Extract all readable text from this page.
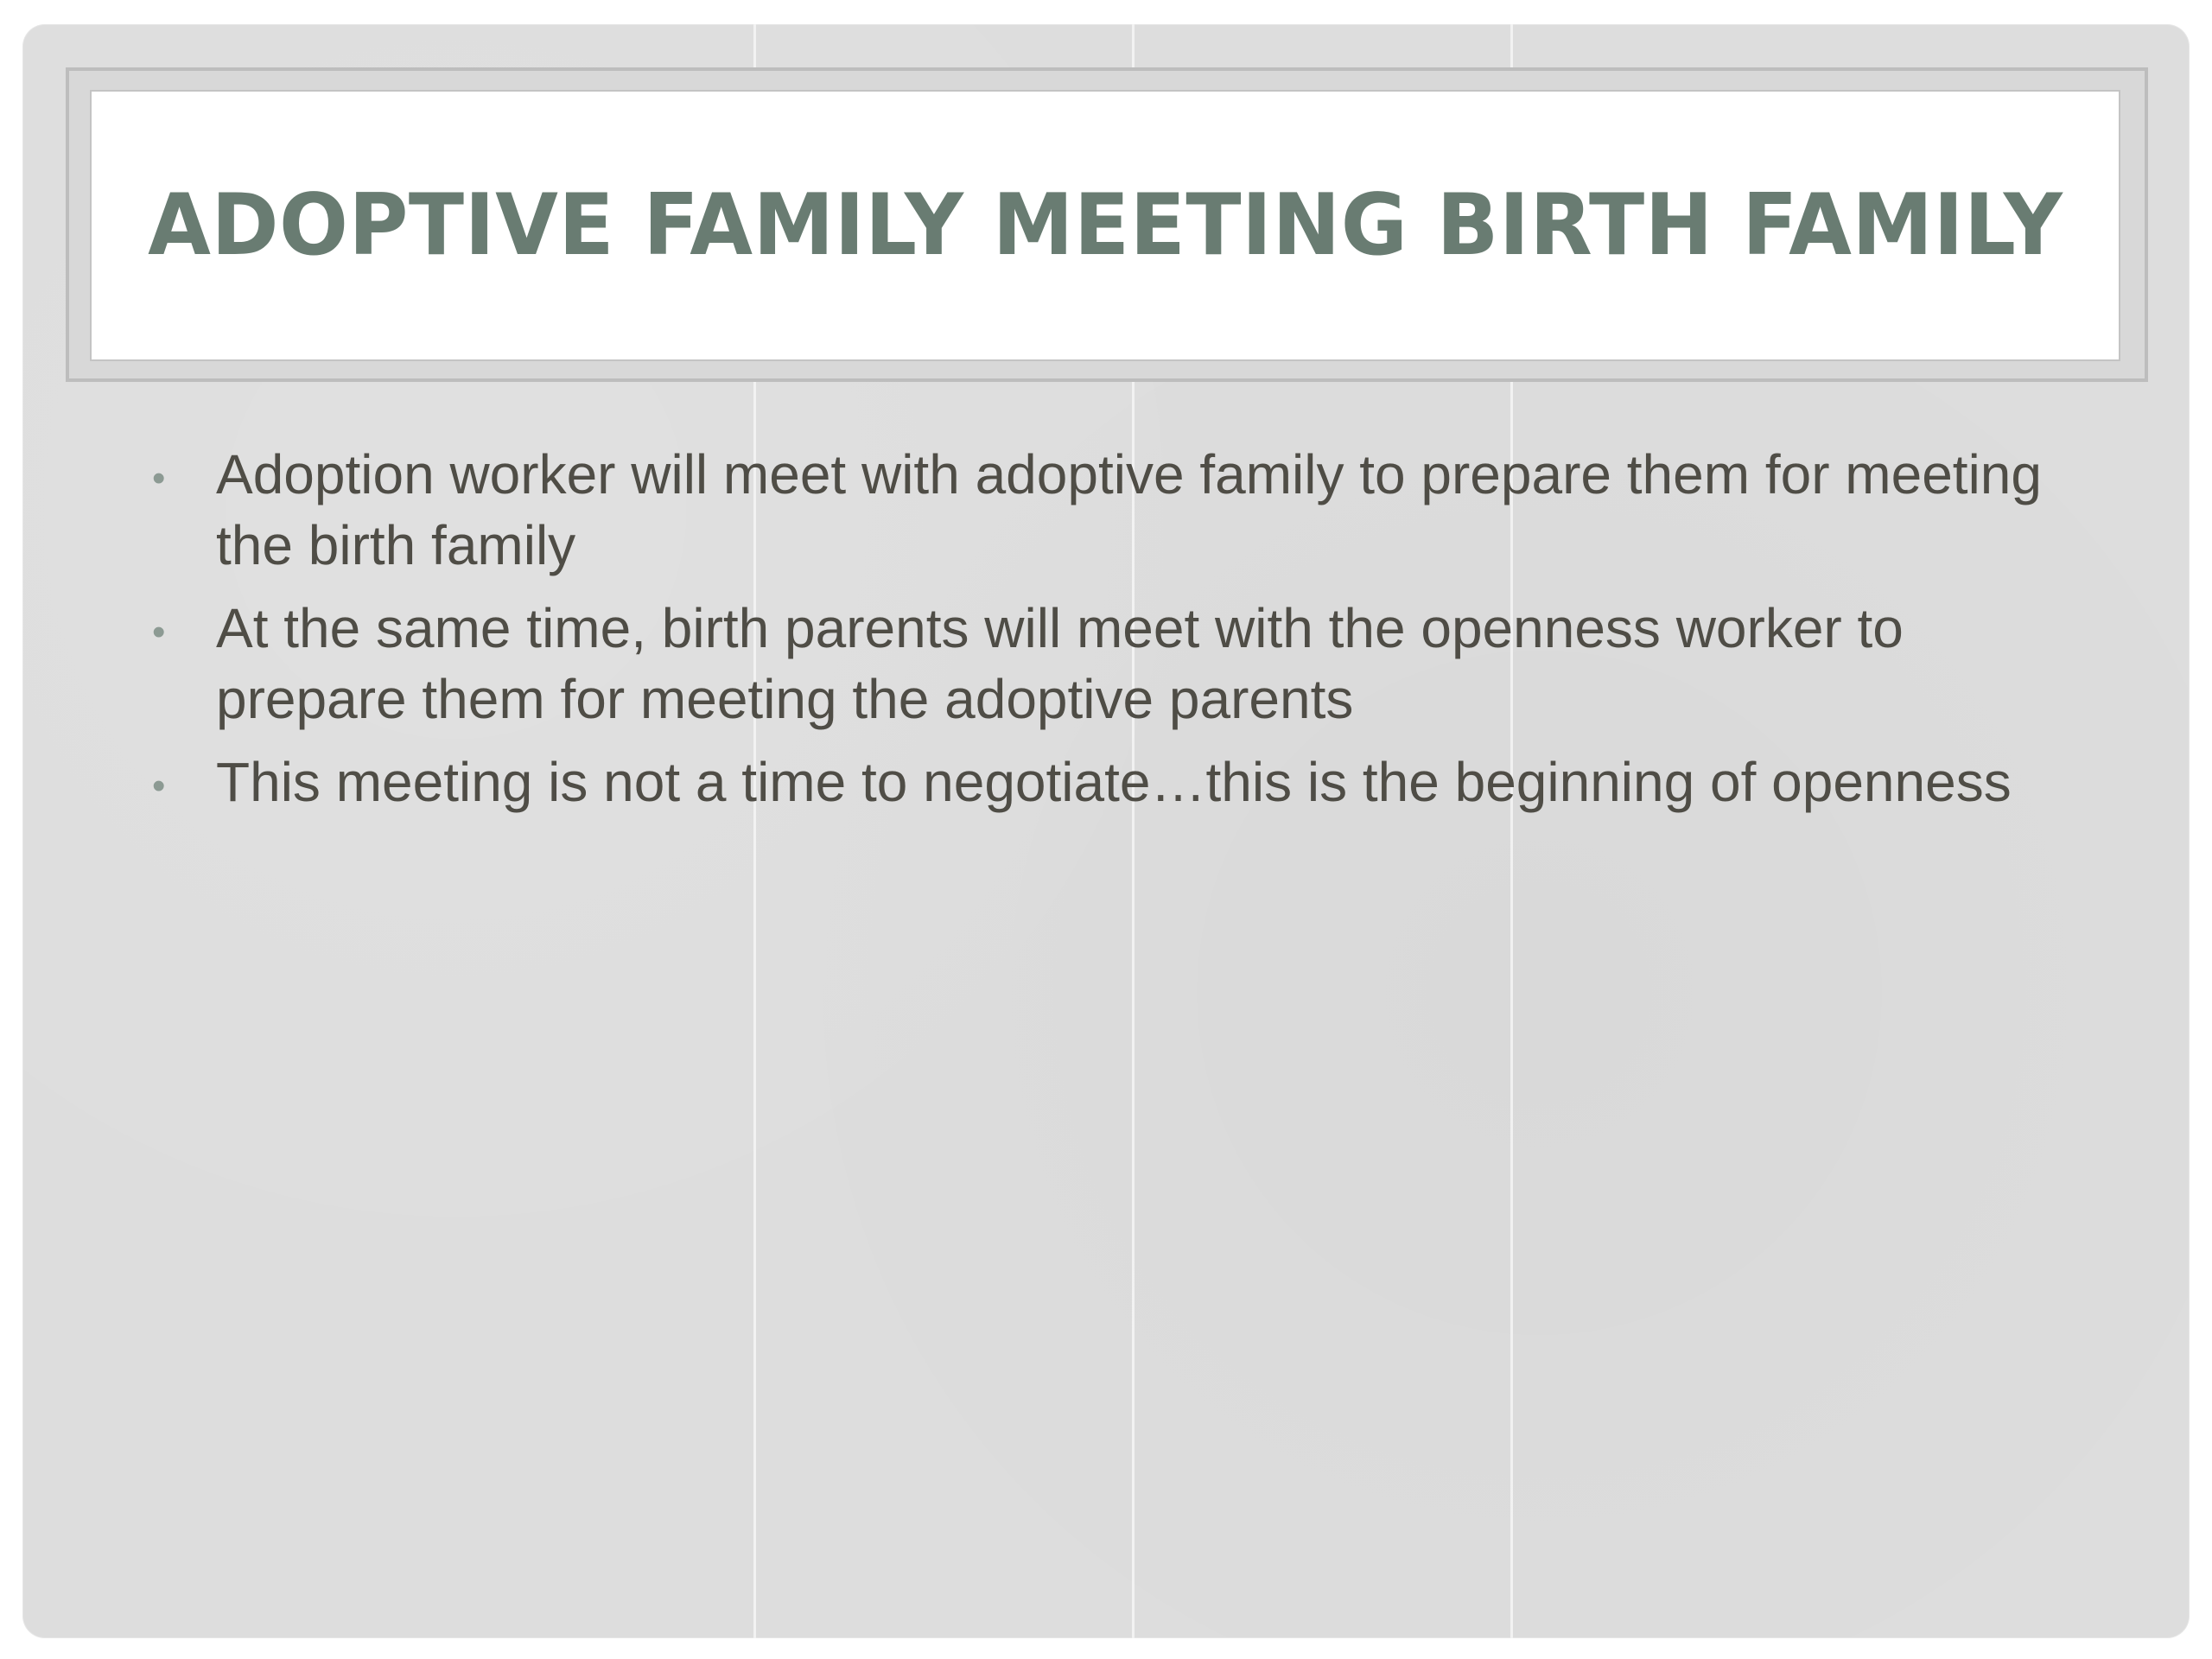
ADOPTIVE FAMILY MEETING BIRTH FAMILY
• Adoption worker will meet with adoptive family to prepare them for meeting the birth family
• At the same time, birth parents will meet with the openness worker to prepare them for meeting the adoptive parents
• This meeting is not a time to negotiate…this is the beginning of openness
